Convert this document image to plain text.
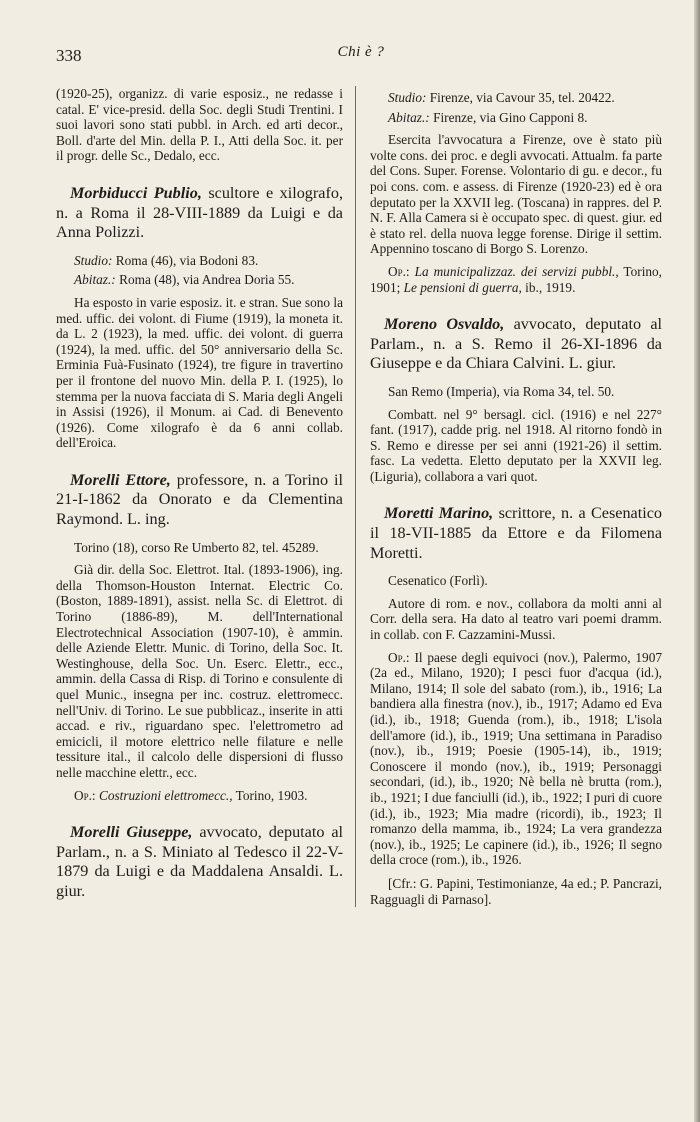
338	Chi è ?

(1920-25), organizz. di varie esposiz., ne redasse i catal. E' vice-presid. della Soc. degli Studi Trentini. I suoi lavori sono stati pubbl. in Arch. ed arti decor., Boll. d'arte del Min. della P. I., Atti della Soc. it. per il progr. delle Sc., Dedalo, ecc.

Morbiducci Publio, scultore e xilografo, n. a Roma il 28-VIII-1889 da Luigi e da Anna Polizzi.

Studio: Roma (46), via Bodoni 83.

Abitaz.: Roma (48), via Andrea Doria 55.

Ha esposto in varie esposiz. it. e stran. Sue sono la med. uffic. dei volont. di Fiume (1919), la moneta it. da L. 2 (1923), la med. uffic. dei volont. di guerra (1924), la med. uffic. del 50° anniversario della Sc. Erminia Fuà-Fusinato (1924), tre figure in travertino per il frontone del nuovo Min. della P. I. (1925), lo stemma per la nuova facciata di S. Maria degli Angeli in Assisi (1926), il Monum. ai Cad. di Benevento (1926). Come xilografo è da 6 anni collab. dell'Eroica.

Morelli Ettore, professore, n. a Torino il 21-I-1862 da Onorato e da Clementina Raymond. L. ing.

Torino (18), corso Re Umberto 82, tel. 45289.

Già dir. della Soc. Elettrot. Ital. (1893-1906), ing. della Thomson-Houston Internat. Electric Co. (Boston, 1889-1891), assist. nella Sc. di Elettrot. di Torino (1886-89), M. dell'International Electrotechnical Association (1907-10), è ammin. delle Aziende Elettr. Munic. di Torino, della Soc. It. Westinghouse, della Soc. Un. Eserc. Elettr., ecc., ammin. della Cassa di Risp. di Torino e consulente di quel Munic., insegna per inc. costruz. elettromecc. nell'Univ. di Torino. Le sue pubblicaz., inserite in atti accad. e riv., riguardano spec. l'elettrometro ad emicicli, il motore elettrico nelle filature e nelle tessiture ital., il calcolo delle dispersioni di flusso nelle macchine elettr., ecc.

Op.: Costruzioni elettromecc., Torino, 1903.

Morelli Giuseppe, avvocato, deputato al Parlam., n. a S. Miniato al Tedesco il 22-V-1879 da Luigi e da Maddalena Ansaldi. L. giur.

Studio: Firenze, via Cavour 35, tel. 20422.

Abitaz.: Firenze, via Gino Capponi 8.

Esercita l'avvocatura a Firenze, ove è stato più volte cons. dei proc. e degli avvocati. Attualm. fa parte del Cons. Super. Forense. Volontario di gu. e decor., fu poi cons. com. e assess. di Firenze (1920-23) ed è ora deputato per la XXVII leg. (Toscana) in rappres. del P. N. F. Alla Camera si è occupato spec. di quest. giur. ed è stato rel. della nuova legge forense. Dirige il settim. Appennino toscano di Borgo S. Lorenzo.

Op.: La municipalizzaz. dei servizi pubbl., Torino, 1901; Le pensioni di guerra, ib., 1919.

Moreno Osvaldo, avvocato, deputato al Parlam., n. a S. Remo il 26-XI-1896 da Giuseppe e da Chiara Calvini. L. giur.

San Remo (Imperia), via Roma 34, tel. 50.

Combatt. nel 9° bersagl. cicl. (1916) e nel 227° fant. (1917), cadde prig. nel 1918. Al ritorno fondò in S. Remo e diresse per sei anni (1921-26) il settim. fasc. La vedetta. Eletto deputato per la XXVII leg. (Liguria), collabora a vari quot.

Moretti Marino, scrittore, n. a Cesenatico il 18-VII-1885 da Ettore e da Filomena Moretti.

Cesenatico (Forlì).

Autore di rom. e nov., collabora da molti anni al Corr. della sera. Ha dato al teatro vari poemi dramm. in collab. con F. Cazzamini-Mussi.

Op.: Il paese degli equivoci (nov.), Palermo, 1907 (2a ed., Milano, 1920); I pesci fuor d'acqua (id.), Milano, 1914; Il sole del sabato (rom.), ib., 1916; La bandiera alla finestra (nov.), ib., 1917; Adamo ed Eva (id.), ib., 1918; Guenda (rom.), ib., 1918; L'isola dell'amore (id.), ib., 1919; Una settimana in Paradiso (nov.), ib., 1919; Poesie (1905-14), ib., 1919; Conoscere il mondo (nov.), ib., 1919; Personaggi secondari, (id.), ib., 1920; Nè bella nè brutta (rom.), ib., 1921; I due fanciulli (id.), ib., 1922; I puri di cuore (id.), ib., 1923; Mia madre (ricordi), ib., 1923; Il romanzo della mamma, ib., 1924; La vera grandezza (nov.), ib., 1925; Le capinere (id.), ib., 1926; Il segno della croce (rom.), ib., 1926.

[Cfr.: G. Papini, Testimonianze, 4a ed.; P. Pancrazi, Ragguagli di Parnaso].
